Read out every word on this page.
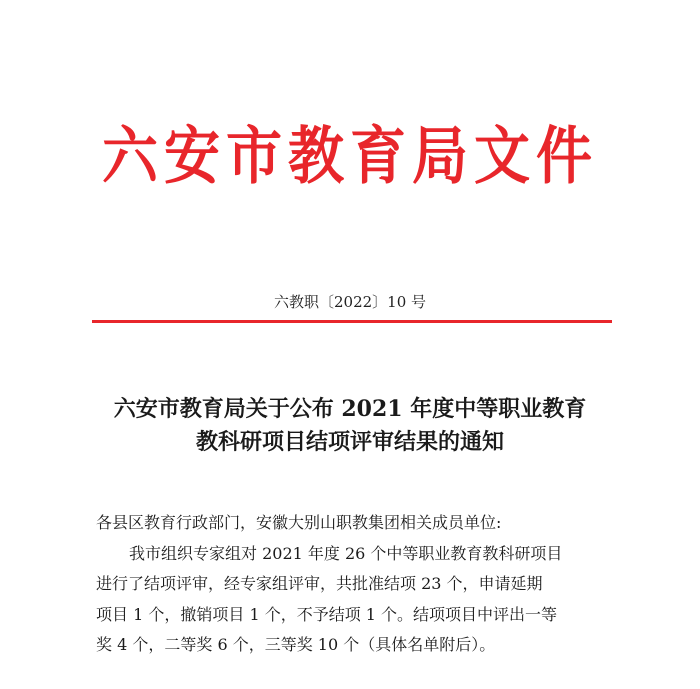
六安市教育局文件
六教职〔2022〕10 号
六安市教育局关于公布 2021 年度中等职业教育
教科研项目结项评审结果的通知

各县区教育行政部门，安徽大别山职教集团相关成员单位:

我市组织专家组对 2021 年度 26 个中等职业教育教科研项目

进行了结项评审，经专家组评审，共批准结项 23 个，申请延期

项目 1 个，撤销项目 1 个，不予结项 1 个。结项项目中评出一等

奖 4 个，二等奖 6 个，三等奖 10 个（具体名单附后）。
